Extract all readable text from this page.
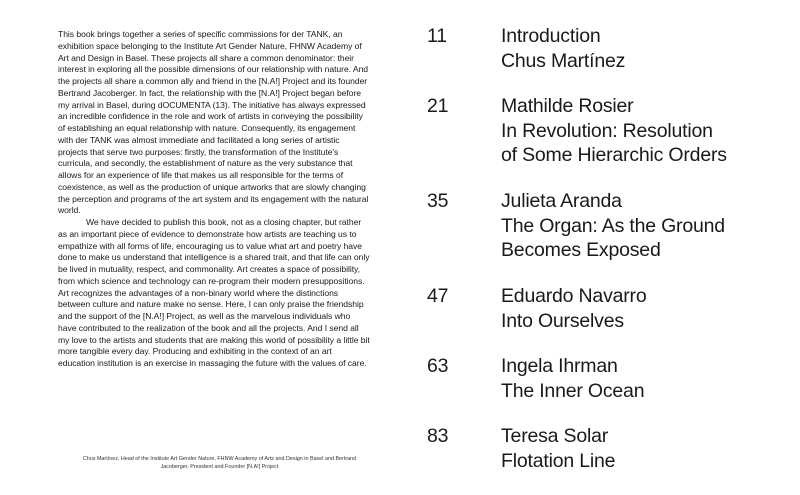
This book brings together a series of specific commissions for der TANK, an exhibition space belonging to the Institute Art Gender Nature, FHNW Academy of Art and Design in Basel. These projects all share a common denominator: their interest in exploring all the possible dimensions of our relationship with nature. And the projects all share a common ally and friend in the [N.A!] Project and its founder Bertrand Jacoberger. In fact, the relationship with the [N.A!] Project began before my arrival in Basel, during dOCUMENTA (13). The initiative has always expressed an incredible confidence in the role and work of artists in conveying the possibility of establishing an equal relationship with nature. Consequently, its engagement with der TANK was almost immediate and facilitated a long series of artistic projects that serve two purposes: firstly, the transformation of the Institute's curricula, and secondly, the establishment of nature as the very substance that allows for an experience of life that makes us all responsible for the terms of coexistence, as well as the production of unique artworks that are slowly changing the perception and programs of the art system and its engagement with the natural world.

We have decided to publish this book, not as a closing chapter, but rather as an important piece of evidence to demonstrate how artists are teaching us to empathize with all forms of life, encouraging us to value what art and poetry have done to make us understand that intelligence is a shared trait, and that life can only be lived in mutuality, respect, and commonality. Art creates a space of possibility, from which science and technology can re-program their modern presuppositions. Art recognizes the advantages of a non-binary world where the distinctions between culture and nature make no sense. Here, I can only praise the friendship and the support of the [N.A!] Project, as well as the marvelous individuals who have contributed to the realization of the book and all the projects. And I send all my love to the artists and students that are making this world of possibility a little bit more tangible every day. Producing and exhibiting in the context of an art education institution is an exercise in massaging the future with the values of care.

Chus Martínez, Head of the Institute Art Gender Nature, FHNW Academy of Arts and Design in Basel and Bertrand Jacoberger, President and Founder [N.A!] Project
11	Introduction
Chus Martínez
21	Mathilde Rosier
In Revolution: Resolution
of Some Hierarchic Orders
35	Julieta Aranda
The Organ: As the Ground
Becomes Exposed
47	Eduardo Navarro
Into Ourselves
63	Ingela Ihrman
The Inner Ocean
83	Teresa Solar
Flotation Line
